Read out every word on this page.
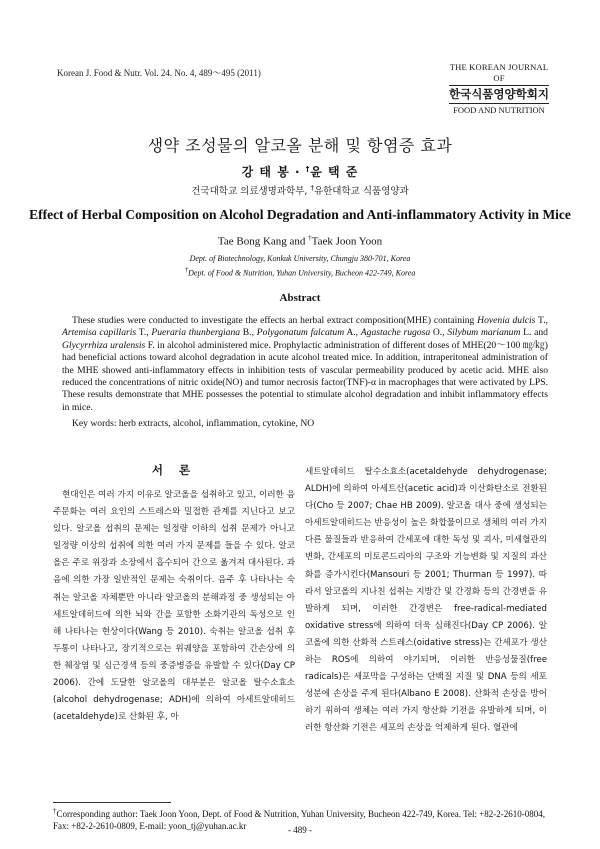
Korean J. Food & Nutr. Vol. 24. No. 4, 489～495 (2011)
THE KOREAN JOURNAL OF
한국식품영양학회지
FOOD AND NUTRITION
생약 조성물의 알코올 분해 및 항염증 효과
강 태 봉 · †윤 택 준
건국대학교 의료생명과학부, †유한대학교 식품영양과
Effect of Herbal Composition on Alcohol Degradation and Anti-inflammatory Activity in Mice
Tae Bong Kang and †Taek Joon Yoon
Dept. of Biotechnology, Konkuk University, Chungju 380-701, Korea
†Dept. of Food & Nutrition, Yuhan University, Bucheon 422-749, Korea
Abstract

These studies were conducted to investigate the effects an herbal extract composition(MHE) containing Hovenia dulcis T., Artemisa capillaris T., Pueraria thunbergiana B., Polygonatum falcatum A., Agastache rugosa O., Silybum marianum L. and Glycyrrhiza uralensis F. in alcohol administered mice. Prophylactic administration of different doses of MHE(20～100 ㎎/㎏) had beneficial actions toward alcohol degradation in acute alcohol treated mice. In addition, intraperitoneal administration of the MHE showed anti-inflammatory effects in inhibition tests of vascular permeability produced by acetic acid. MHE also reduced the concentrations of nitric oxide(NO) and tumor necrosis factor(TNF)-α in macrophages that were activated by LPS. These results demonstrate that MHE possesses the potential to stimulate alcohol degradation and inhibit inflammatory effects in mice.

Key words: herb extracts, alcohol, inflammation, cytokine, NO
서 론

현대인은 여러 가지 이유로 알코올을 섭취하고 있고, 이러한 음주문화는 여러 요인의 스트레스와 밀접한 관계를 지닌다고 보고 있다. 알코올 섭취의 문제는 일정량 이하의 섭취 문제가 아니고 일정량 이상의 섭취에 의한 여러 가지 문제를 들을 수 있다. 알코올은 주로 위장과 소장에서 흡수되어 간으로 옮겨져 대사된다. 과음에 의한 가장 일반적인 문제는 숙취이다. 음주 후 나타나는 숙취는 알코올 자체뿐만 아니라 알코올의 분해과정 중 생성되는 아세트알데히드에 의한 뇌와 간을 포함한 소화기관의 독성으로 인해 나타나는 현상이다(Wang 등 2010). 숙취는 알코올 섭취 후 두통이 나타나고, 장기적으로는 위궤양을 포함하여 간손상에 의한 췌장염 및 심근경색 등의 중증병증을 유발할 수 있다(Day CP 2006). 간에 도달한 알코올의 대부분은 알코올 탈수소효소(alcohol dehydrogenase; ADH)에 의하여 아세트알데히드(acetaldehyde)로 산화된 후, 아

세트알데히드 탈수소효소(acetaldehyde dehydrogenase; ALDH)에 의하여 아세트산(acetic acid)과 이산화탄소로 전환된다(Cho 등 2007; Chae HB 2009). 알코올 대사 중에 생성되는 아세트알데히드는 반응성이 높은 화합물이므로 생체의 여러 가지 다른 물질들과 반응하여 간세포에 대한 독성 및 괴사, 미세혈관의 변화, 간세포의 미토콘드리아의 구조와 기능변화 및 지질의 과산화를 증가시킨다(Mansouri 등 2001; Thurman 등 1997). 따라서 알코올의 지나친 섭취는 지방간 및 간경화 등의 간경변을 유발하게 되며, 이러한 간경변은 free-radical-mediated oxidative stress에 의하여 더욱 심해진다(Day CP 2006). 알코올에 의한 산화적 스트레스(oidative stress)는 간세포가 생산하는 ROS에 의하여 야기되며, 이러한 반응성물질(free radicals)은 세포막을 구성하는 단백질 지질 및 DNA 등의 세포 성분에 손상을 주게 된다(Albano E 2008). 산화적 손상을 방어하기 위하여 생체는 여러 가지 항산화 기전을 유발하게 되며, 이러한 항산화 기전은 세포의 손상을 억제하게 된다. 혈관에

†Corresponding author: Taek Joon Yoon, Dept. of Food & Nutrition, Yuhan University, Bucheon 422-749, Korea. Tel: +82-2-2610-0804, Fax: +82-2-2610-0809, E-mail: yoon_tj@yuhan.ac.kr	- 489 -
